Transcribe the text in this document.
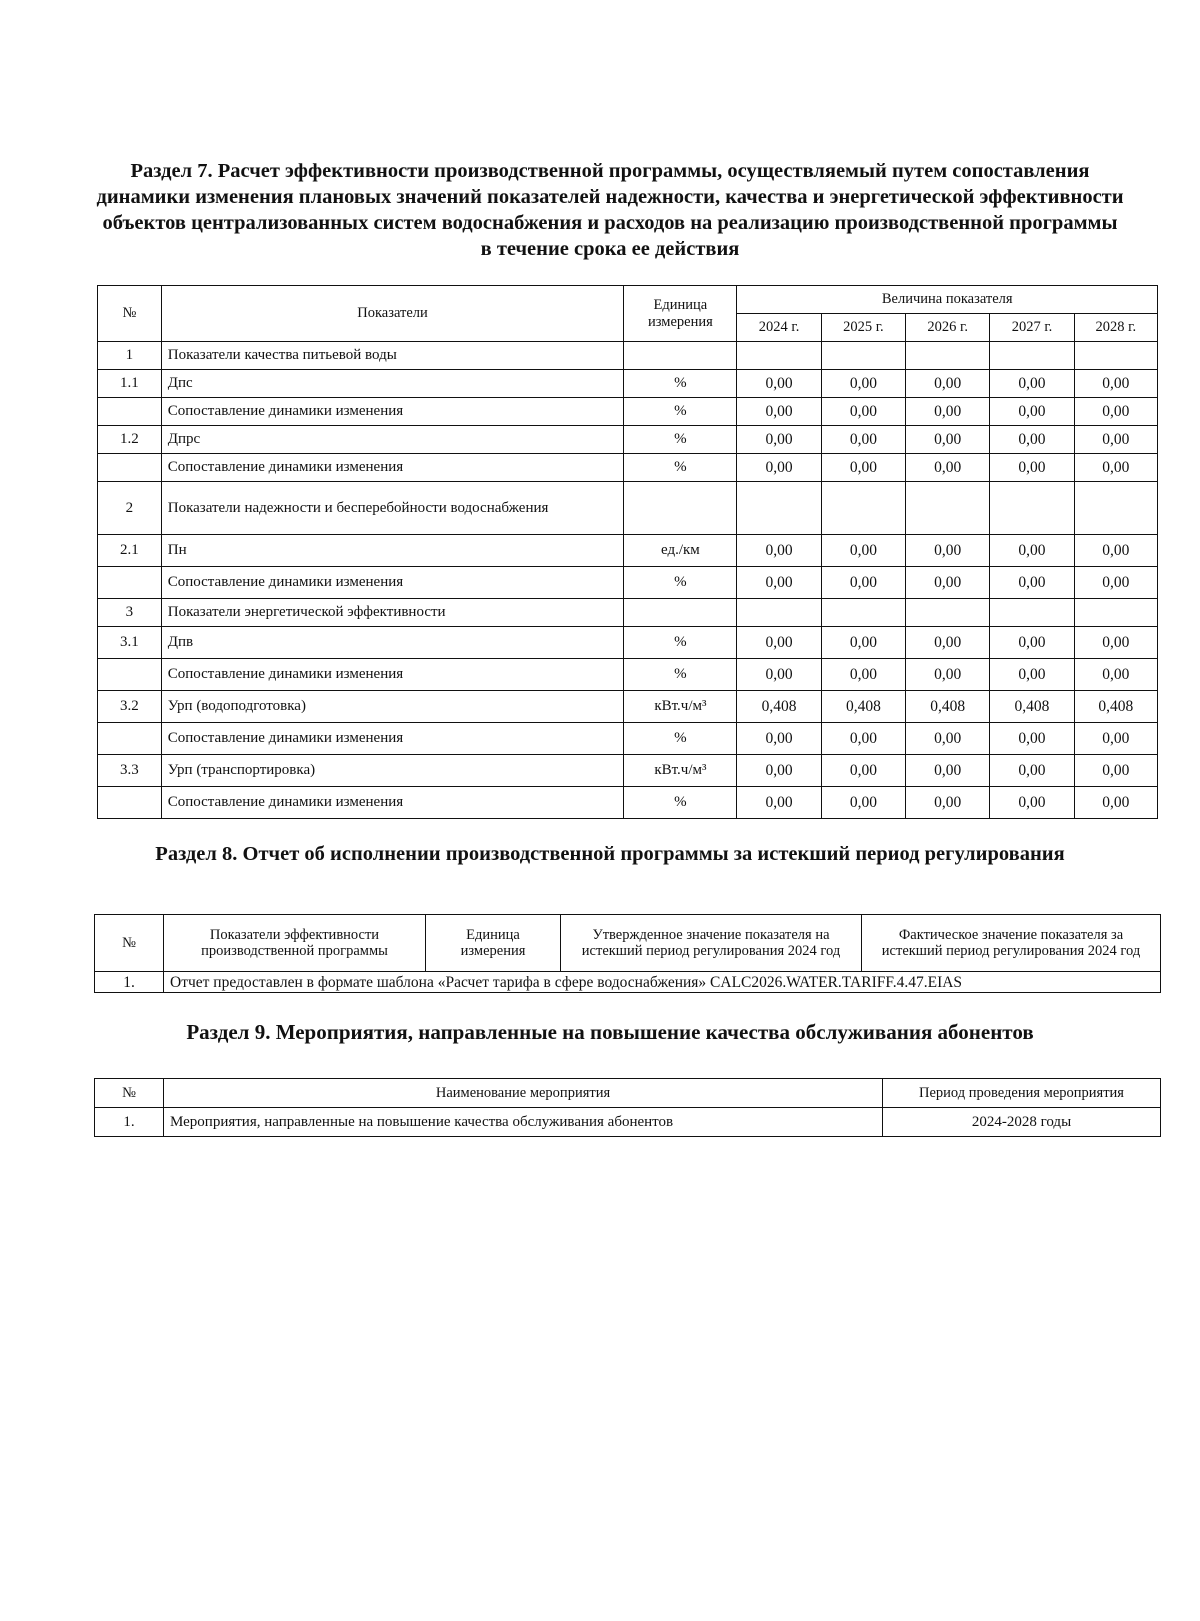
Раздел 7. Расчет эффективности производственной программы, осуществляемый путем сопоставления динамики изменения плановых значений показателей надежности, качества и энергетической эффективности объектов централизованных систем водоснабжения и расходов на реализацию производственной программы в течение срока ее действия

№	Показатели	Единица измерения	Величина показателя				
			2024 г.	2025 г.	2026 г.	2027 г.	2028 г.
1	Показатели качества питьевой воды						
1.1	Дпс	%	0,00	0,00	0,00	0,00	0,00
	Сопоставление динамики изменения	%	0,00	0,00	0,00	0,00	0,00
1.2	Дпрс	%	0,00	0,00	0,00	0,00	0,00
	Сопоставление динамики изменения	%	0,00	0,00	0,00	0,00	0,00
2	Показатели надежности и бесперебойности водоснабжения						
2.1	Пн	ед./км	0,00	0,00	0,00	0,00	0,00
	Сопоставление динамики изменения	%	0,00	0,00	0,00	0,00	0,00
3	Показатели энергетической эффективности						
3.1	Дпв	%	0,00	0,00	0,00	0,00	0,00
	Сопоставление динамики изменения	%	0,00	0,00	0,00	0,00	0,00
3.2	Урп (водоподготовка)	кВт.ч/м³	0,408	0,408	0,408	0,408	0,408
	Сопоставление динамики изменения	%	0,00	0,00	0,00	0,00	0,00
3.3	Урп (транспортировка)	кВт.ч/м³	0,00	0,00	0,00	0,00	0,00
	Сопоставление динамики изменения	%	0,00	0,00	0,00	0,00	0,00

Раздел 8. Отчет об исполнении производственной программы за истекший период регулирования

№	Показатели эффективности производственной программы	Единица измерения	Утвержденное значение показателя на истекший период регулирования 2024 год	Фактическое значение показателя за истекший период регулирования 2024 год
1.	Отчет предоставлен в формате шаблона «Расчет тарифа в сфере водоснабжения» CALC2026.WATER.TARIFF.4.47.EIAS			

Раздел 9. Мероприятия, направленные на повышение качества обслуживания абонентов

№	Наименование мероприятия	Период проведения мероприятия
1.	Мероприятия, направленные на повышение качества обслуживания абонентов	2024-2028 годы
